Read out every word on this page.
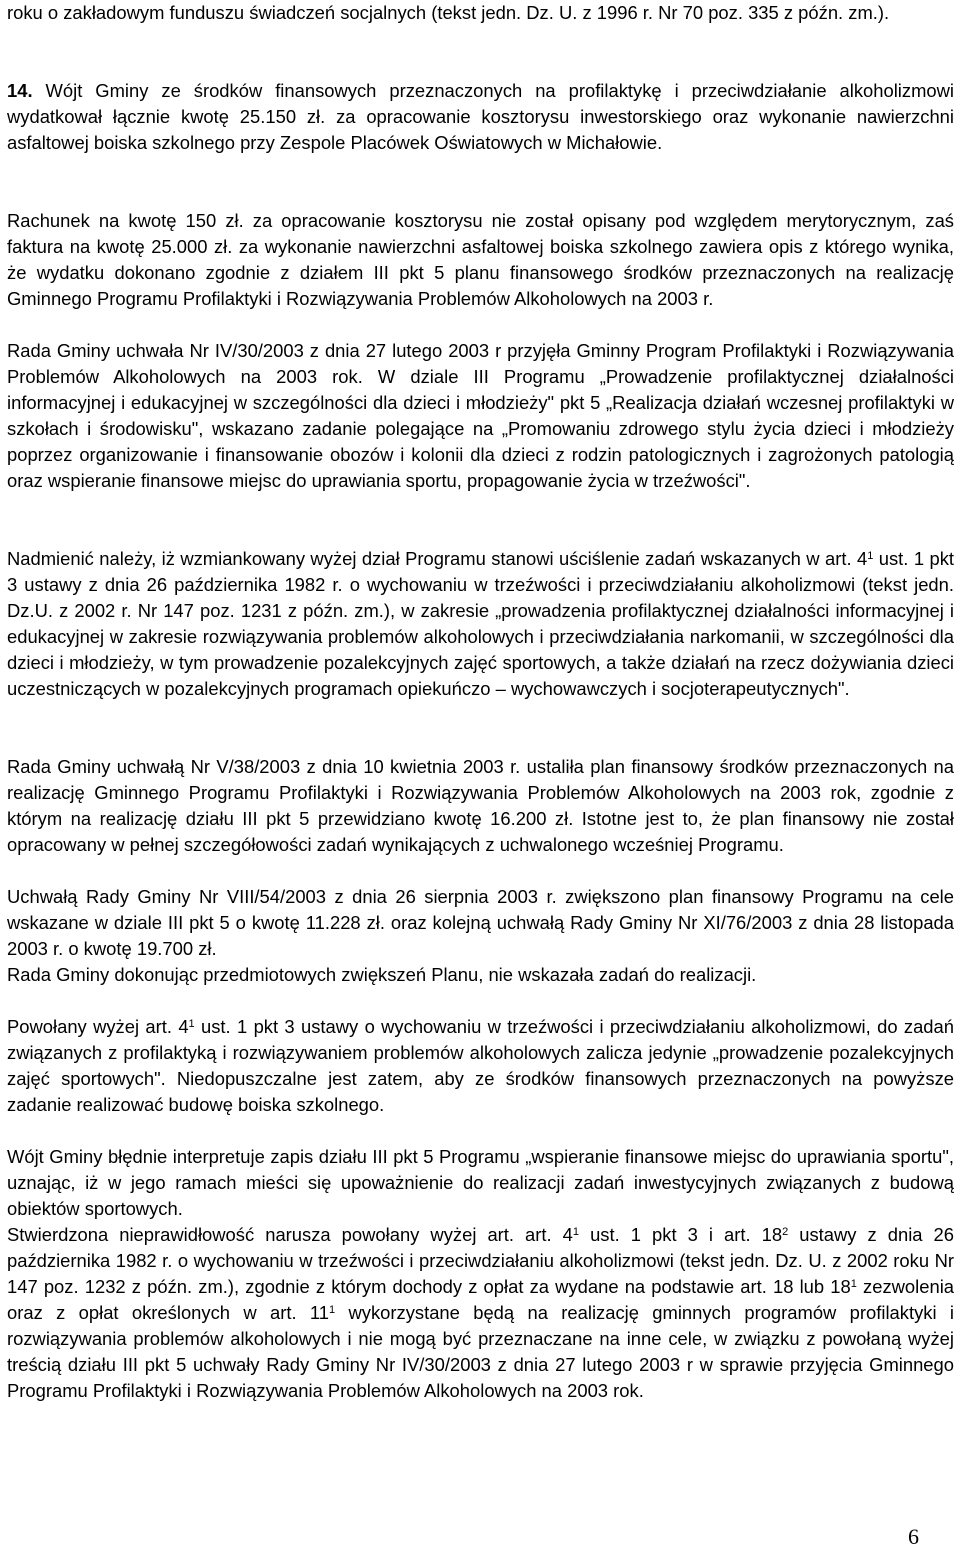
roku o zakładowym funduszu świadczeń socjalnych (tekst jedn. Dz. U. z 1996 r. Nr 70 poz. 335 z późn. zm.).

14. Wójt Gminy ze środków finansowych przeznaczonych na profilaktykę i przeciwdziałanie alkoholizmowi wydatkował łącznie kwotę 25.150 zł. za opracowanie kosztorysu inwestorskiego oraz wykonanie nawierzchni asfaltowej boiska szkolnego przy Zespole Placówek Oświatowych w Michałowie.

Rachunek na kwotę 150 zł. za opracowanie kosztorysu nie został opisany pod względem merytorycznym, zaś faktura na kwotę 25.000 zł. za wykonanie nawierzchni asfaltowej boiska szkolnego zawiera opis z którego wynika, że wydatku dokonano zgodnie z działem III pkt 5 planu finansowego środków przeznaczonych na realizację Gminnego Programu Profilaktyki i Rozwiązywania Problemów Alkoholowych na 2003 r.

Rada Gminy uchwała Nr IV/30/2003 z dnia 27 lutego 2003 r przyjęła Gminny Program Profilaktyki i Rozwiązywania Problemów Alkoholowych na 2003 rok. W dziale III Programu „Prowadzenie profilaktycznej działalności informacyjnej i edukacyjnej w szczególności dla dzieci i młodzieży" pkt 5 „Realizacja działań wczesnej profilaktyki w szkołach i środowisku", wskazano zadanie polegające na „Promowaniu zdrowego stylu życia dzieci i młodzieży poprzez organizowanie i finansowanie obozów i kolonii dla dzieci z rodzin patologicznych i zagrożonych patologią oraz wspieranie finansowe miejsc do uprawiania sportu, propagowanie życia w trzeźwości".

Nadmienić należy, iż wzmiankowany wyżej dział Programu stanowi uściślenie zadań wskazanych w art. $4^1$ ust. 1 pkt 3 ustawy z dnia 26 października 1982 r. o wychowaniu w trzeźwości i przeciwdziałaniu alkoholizmowi (tekst jedn. Dz.U. z 2002 r. Nr 147 poz. 1231 z późn. zm.), w zakresie „prowadzenia profilaktycznej działalności informacyjnej i edukacyjnej w zakresie rozwiązywania problemów alkoholowych i przeciwdziałania narkomanii, w szczególności dla dzieci i młodzieży, w tym prowadzenie pozalekcyjnych zajęć sportowych, a także działań na rzecz dożywiania dzieci uczestniczących w pozalekcyjnych programach opiekuńczo – wychowawczych i socjoterapeutycznych".

Rada Gminy uchwałą Nr V/38/2003 z dnia 10 kwietnia 2003 r. ustaliła plan finansowy środków przeznaczonych na realizację Gminnego Programu Profilaktyki i Rozwiązywania Problemów Alkoholowych na 2003 rok, zgodnie z którym na realizację działu III pkt 5 przewidziano kwotę 16.200 zł. Istotne jest to, że plan finansowy nie został opracowany w pełnej szczegółowości zadań wynikających z uchwalonego wcześniej Programu.

Uchwałą Rady Gminy Nr VIII/54/2003 z dnia 26 sierpnia 2003 r. zwiększono plan finansowy Programu na cele wskazane w dziale III pkt 5 o kwotę 11.228 zł. oraz kolejną uchwałą Rady Gminy Nr XI/76/2003 z dnia 28 listopada 2003 r. o kwotę 19.700 zł.

Rada Gminy dokonując przedmiotowych zwiększeń Planu, nie wskazała zadań do realizacji.

Powołany wyżej art. $4^1$ ust. 1 pkt 3 ustawy o wychowaniu w trzeźwości i przeciwdziałaniu alkoholizmowi, do zadań związanych z profilaktyką i rozwiązywaniem problemów alkoholowych zalicza jedynie „prowadzenie pozalekcyjnych zajęć sportowych". Niedopuszczalne jest zatem, aby ze środków finansowych przeznaczonych na powyższe zadanie realizować budowę boiska szkolnego.

Wójt Gminy błędnie interpretuje zapis działu III pkt 5 Programu „wspieranie finansowe miejsc do uprawiania sportu", uznając, iż w jego ramach mieści się upoważnienie do realizacji zadań inwestycyjnych związanych z budową obiektów sportowych.

Stwierdzona nieprawidłowość narusza powołany wyżej art. art. $4^1$ ust. 1 pkt 3 i art. $18^2$ ustawy z dnia 26 października 1982 r. o wychowaniu w trzeźwości i przeciwdziałaniu alkoholizmowi (tekst jedn. Dz. U. z 2002 roku Nr 147 poz. 1232 z późn. zm.), zgodnie z którym dochody z opłat za wydane na podstawie art. 18 lub $18^1$ zezwolenia oraz z opłat określonych w art. $11^1$ wykorzystane będą na realizację gminnych programów profilaktyki i rozwiązywania problemów alkoholowych i nie mogą być przeznaczane na inne cele, w związku z powołaną wyżej treścią działu III pkt 5 uchwały Rady Gminy Nr IV/30/2003 z dnia 27 lutego 2003 r w sprawie przyjęcia Gminnego Programu Profilaktyki i Rozwiązywania Problemów Alkoholowych na 2003 rok.

6
